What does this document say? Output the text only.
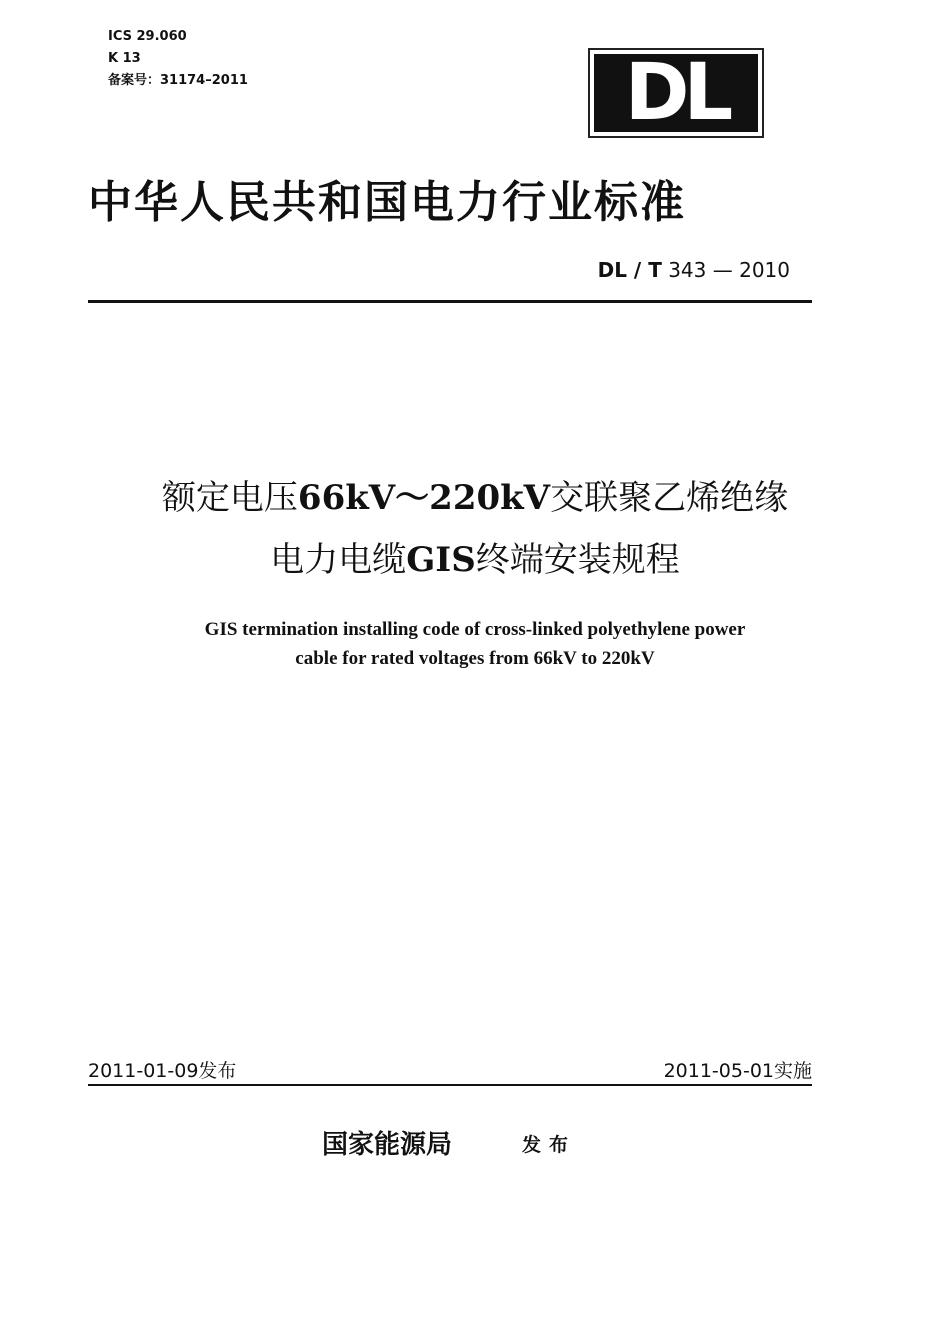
ICS 29.060
K 13
备案号：31174–2011	DL
中华人民共和国电力行业标准
DL / T 343 — 2010
额定电压66kV～220kV交联聚乙烯绝缘
电力电缆GIS终端安装规程
GIS termination installing code of cross-linked polyethylene power
cable for rated voltages from 66kV to 220kV
2011-01-09发布	2011-05-01实施
国家能源局	发布
